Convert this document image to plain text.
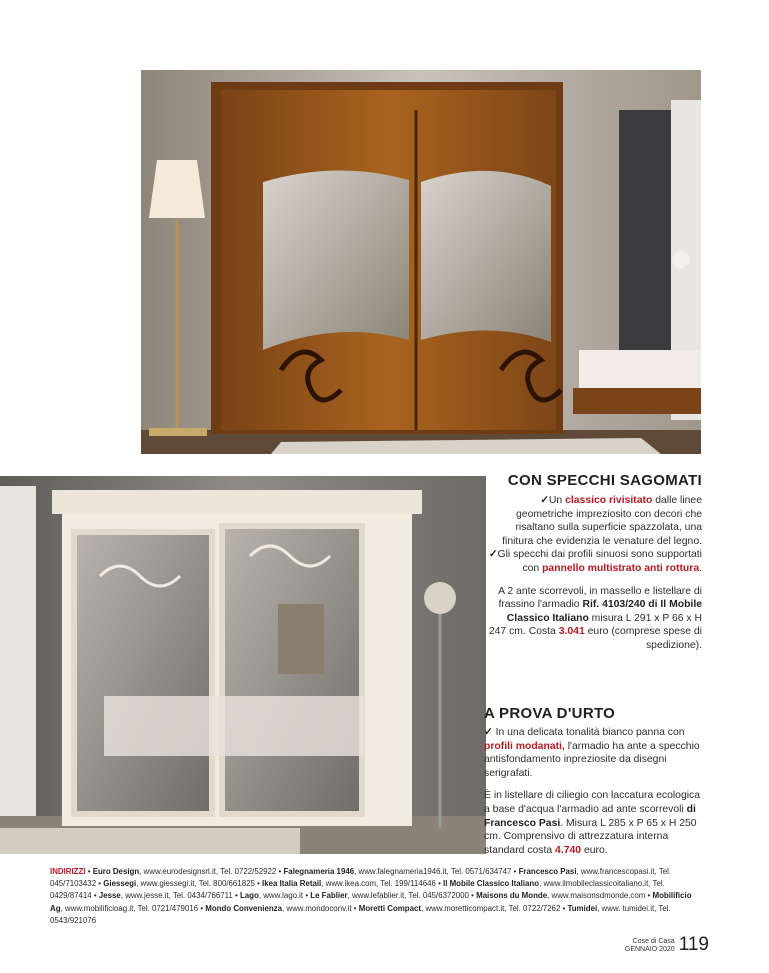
CON SPECCHI SAGOMATI
✓Un classico rivisitato dalle linee geometriche impreziosito con decori che risaltano sulla superficie spazzolata, una finitura che evidenzia le venature del legno.
✓Gli specchi dai profili sinuosi sono supportati con pannello multistrato anti rottura.
A 2 ante scorrevoli, in massello e listellare di frassino l'armadio Rif. 4103/240 di Il Mobile Classico Italiano misura L 291 x P 66 x H 247 cm. Costa 3.041 euro (comprese spese di spedizione).
A PROVA D'URTO
✓ In una delicata tonalità bianco panna con profili modanati, l'armadio ha ante a specchio antisfondamento inpreziosite da disegni serigrafati.
È in listellare di ciliegio con laccatura ecologica a base d'acqua l'armadio ad ante scorrevoli di Francesco Pasi. Misura L 285 x P 65 x H 250 cm. Comprensivo di attrezzatura interna standard costa 4.740 euro.
INDIRIZZI • Euro Design, www.eurodesignsrl.it, Tel. 0722/52922 • Falegnameria 1946, www.falegnameria1946.it, Tel. 0571/634747 • Francesco Pasi, www.francescopasi.it, Tel. 045/7103432 • Giessegi, www.giessegi.it, Tel. 800/661825 • Ikea Italia Retail, www.ikea.com, Tel. 199/114646 • Il Mobile Classico Italiano, www.ilmobileclassicoitaliano.it, Tel. 0429/87414 • Jesse, www.jesse.it, Tel. 0434/766711 • Lago, www.lago.it • Le Fablier, www.lefablier.it, Tel. 045/6372000 • Maisons du Monde, www.maisonsdmonde.com • Mobilificio Ag, www.mobilificioag.it, Tel. 0721/479016 • Mondo Convenienza, www.mondoconv.it • Moretti Compact, www.moretticompact.it, Tel. 0722/7262 • Tumidei, www. tumidei.it, Tel. 0543/921076
Cose di Casa
GENNAIO 2020 119
